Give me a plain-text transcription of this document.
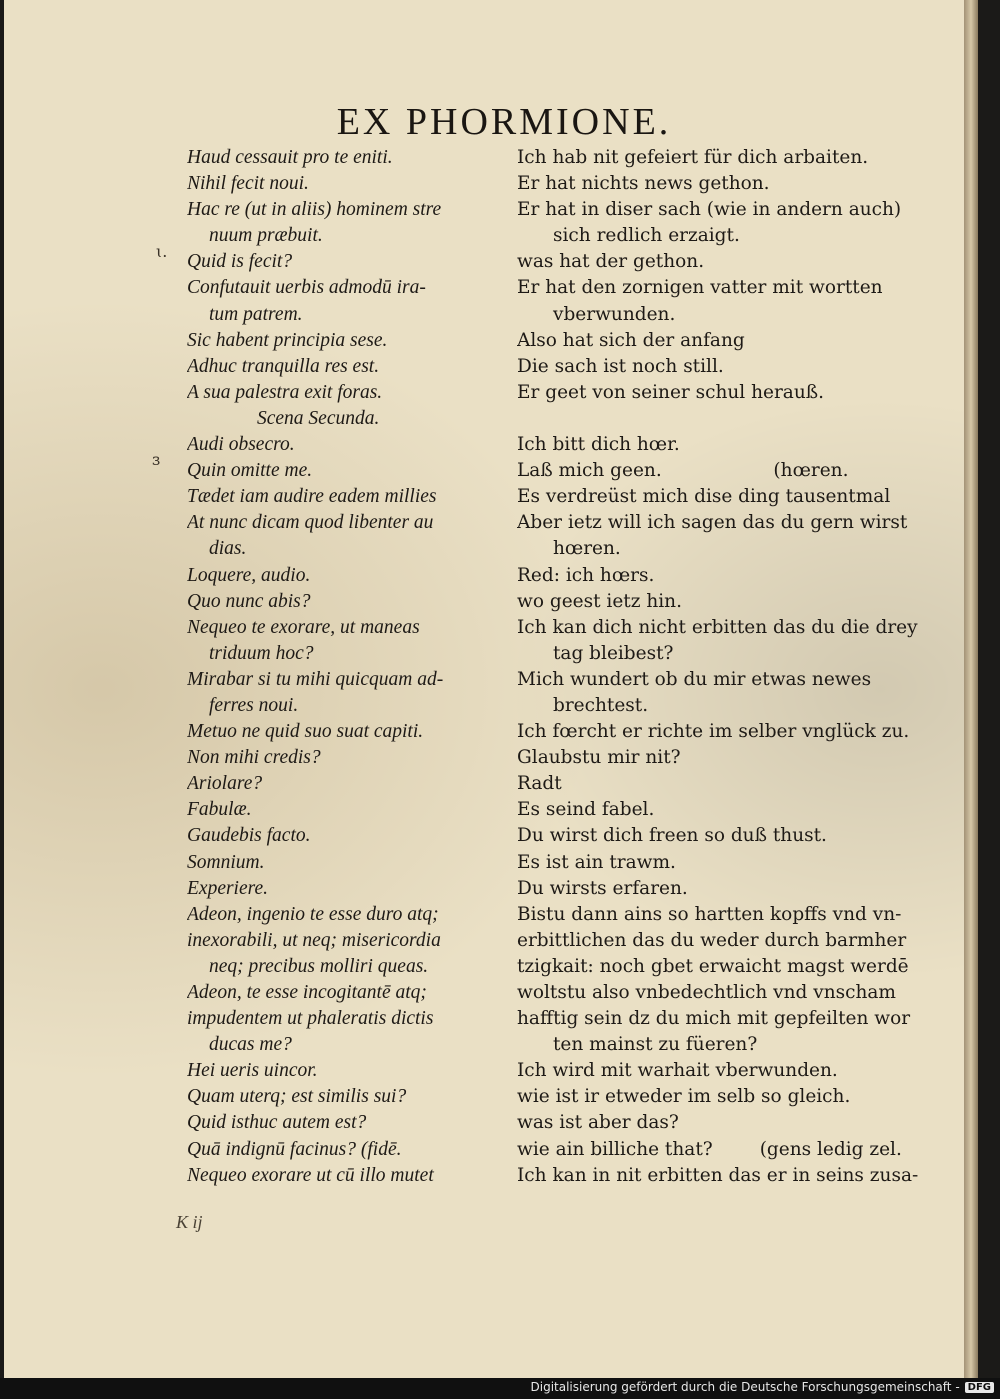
EX PHORMIONE.
ɩ.
ɜ
Haud cessauit pro te eniti.
Nihil fecit noui.
Hac re (ut in aliis) hominem stre
nuum præbuit.
Quid is fecit?
Confutauit uerbis admodū ira-
tum patrem.
Sic habent principia sese.
Adhuc tranquilla res est.
A sua palestra exit foras.
Scena Secunda.
Audi obsecro.
Quin omitte me.
Tædet iam audire eadem millies
At nunc dicam quod libenter au
dias.
Loquere, audio.
Quo nunc abis?
Nequeo te exorare, ut maneas
triduum hoc?
Mirabar si tu mihi quicquam ad-
ferres noui.
Metuo ne quid suo suat capiti.
Non mihi credis?
Ariolare?
Fabulæ.
Gaudebis facto.
Somnium.
Experiere.
Adeon, ingenio te esse duro atq;
inexorabili, ut neq; misericordia
neq; precibus molliri queas.
Adeon, te esse incogitantē atq;
impudentem ut phaleratis dictis
ducas me?
Hei ueris uincor.
Quam uterq; est similis sui?
Quid isthuc autem est?
Quā indignū facinus? (fidē.
Nequeo exorare ut cū illo mutet
Ich hab nit gefeiert für dich arbaiten.
Er hat nichts news gethon.
Er hat in diser sach (wie in andern auch)
sich redlich erzaigt.
was hat der gethon.
Er hat den zornigen vatter mit wortten
vberwunden.
Also hat sich der anfang
Die sach ist noch still.
Er geet von seiner schul herauß.
Ich bitt dich hœr.
Laß mich geen.                   (hœren.
Es verdreüst mich dise ding tausentmal
Aber ietz will ich sagen das du gern wirst
hœren.
Red: ich hœrs.
wo geest ietz hin.
Ich kan dich nicht erbitten das du die drey
tag bleibest?
Mich wundert ob du mir etwas newes
brechtest.
Ich fœrcht er richte im selber vnglück zu.
Glaubstu mir nit?
Radt
Es seind fabel.
Du wirst dich freen so duß thust.
Es ist ain trawm.
Du wirsts erfaren.
Bistu dann ains so hartten kopffs vnd vn-
erbittlichen das du weder durch barmher
tzigkait: noch gbet erwaicht magst werdē
woltstu also vnbedechtlich vnd vnscham
hafftig sein dz du mich mit gepfeilten wor
ten mainst zu füeren?
Ich wird mit warhait vberwunden.
wie ist ir etweder im selb so gleich.
was ist aber das?
wie ain billiche that?        (gens ledig zel.
Ich kan in nit erbitten das er in seins zusa-
K ij
Digitalisierung gefördert durch die Deutsche Forschungsgemeinschaft - DFG
